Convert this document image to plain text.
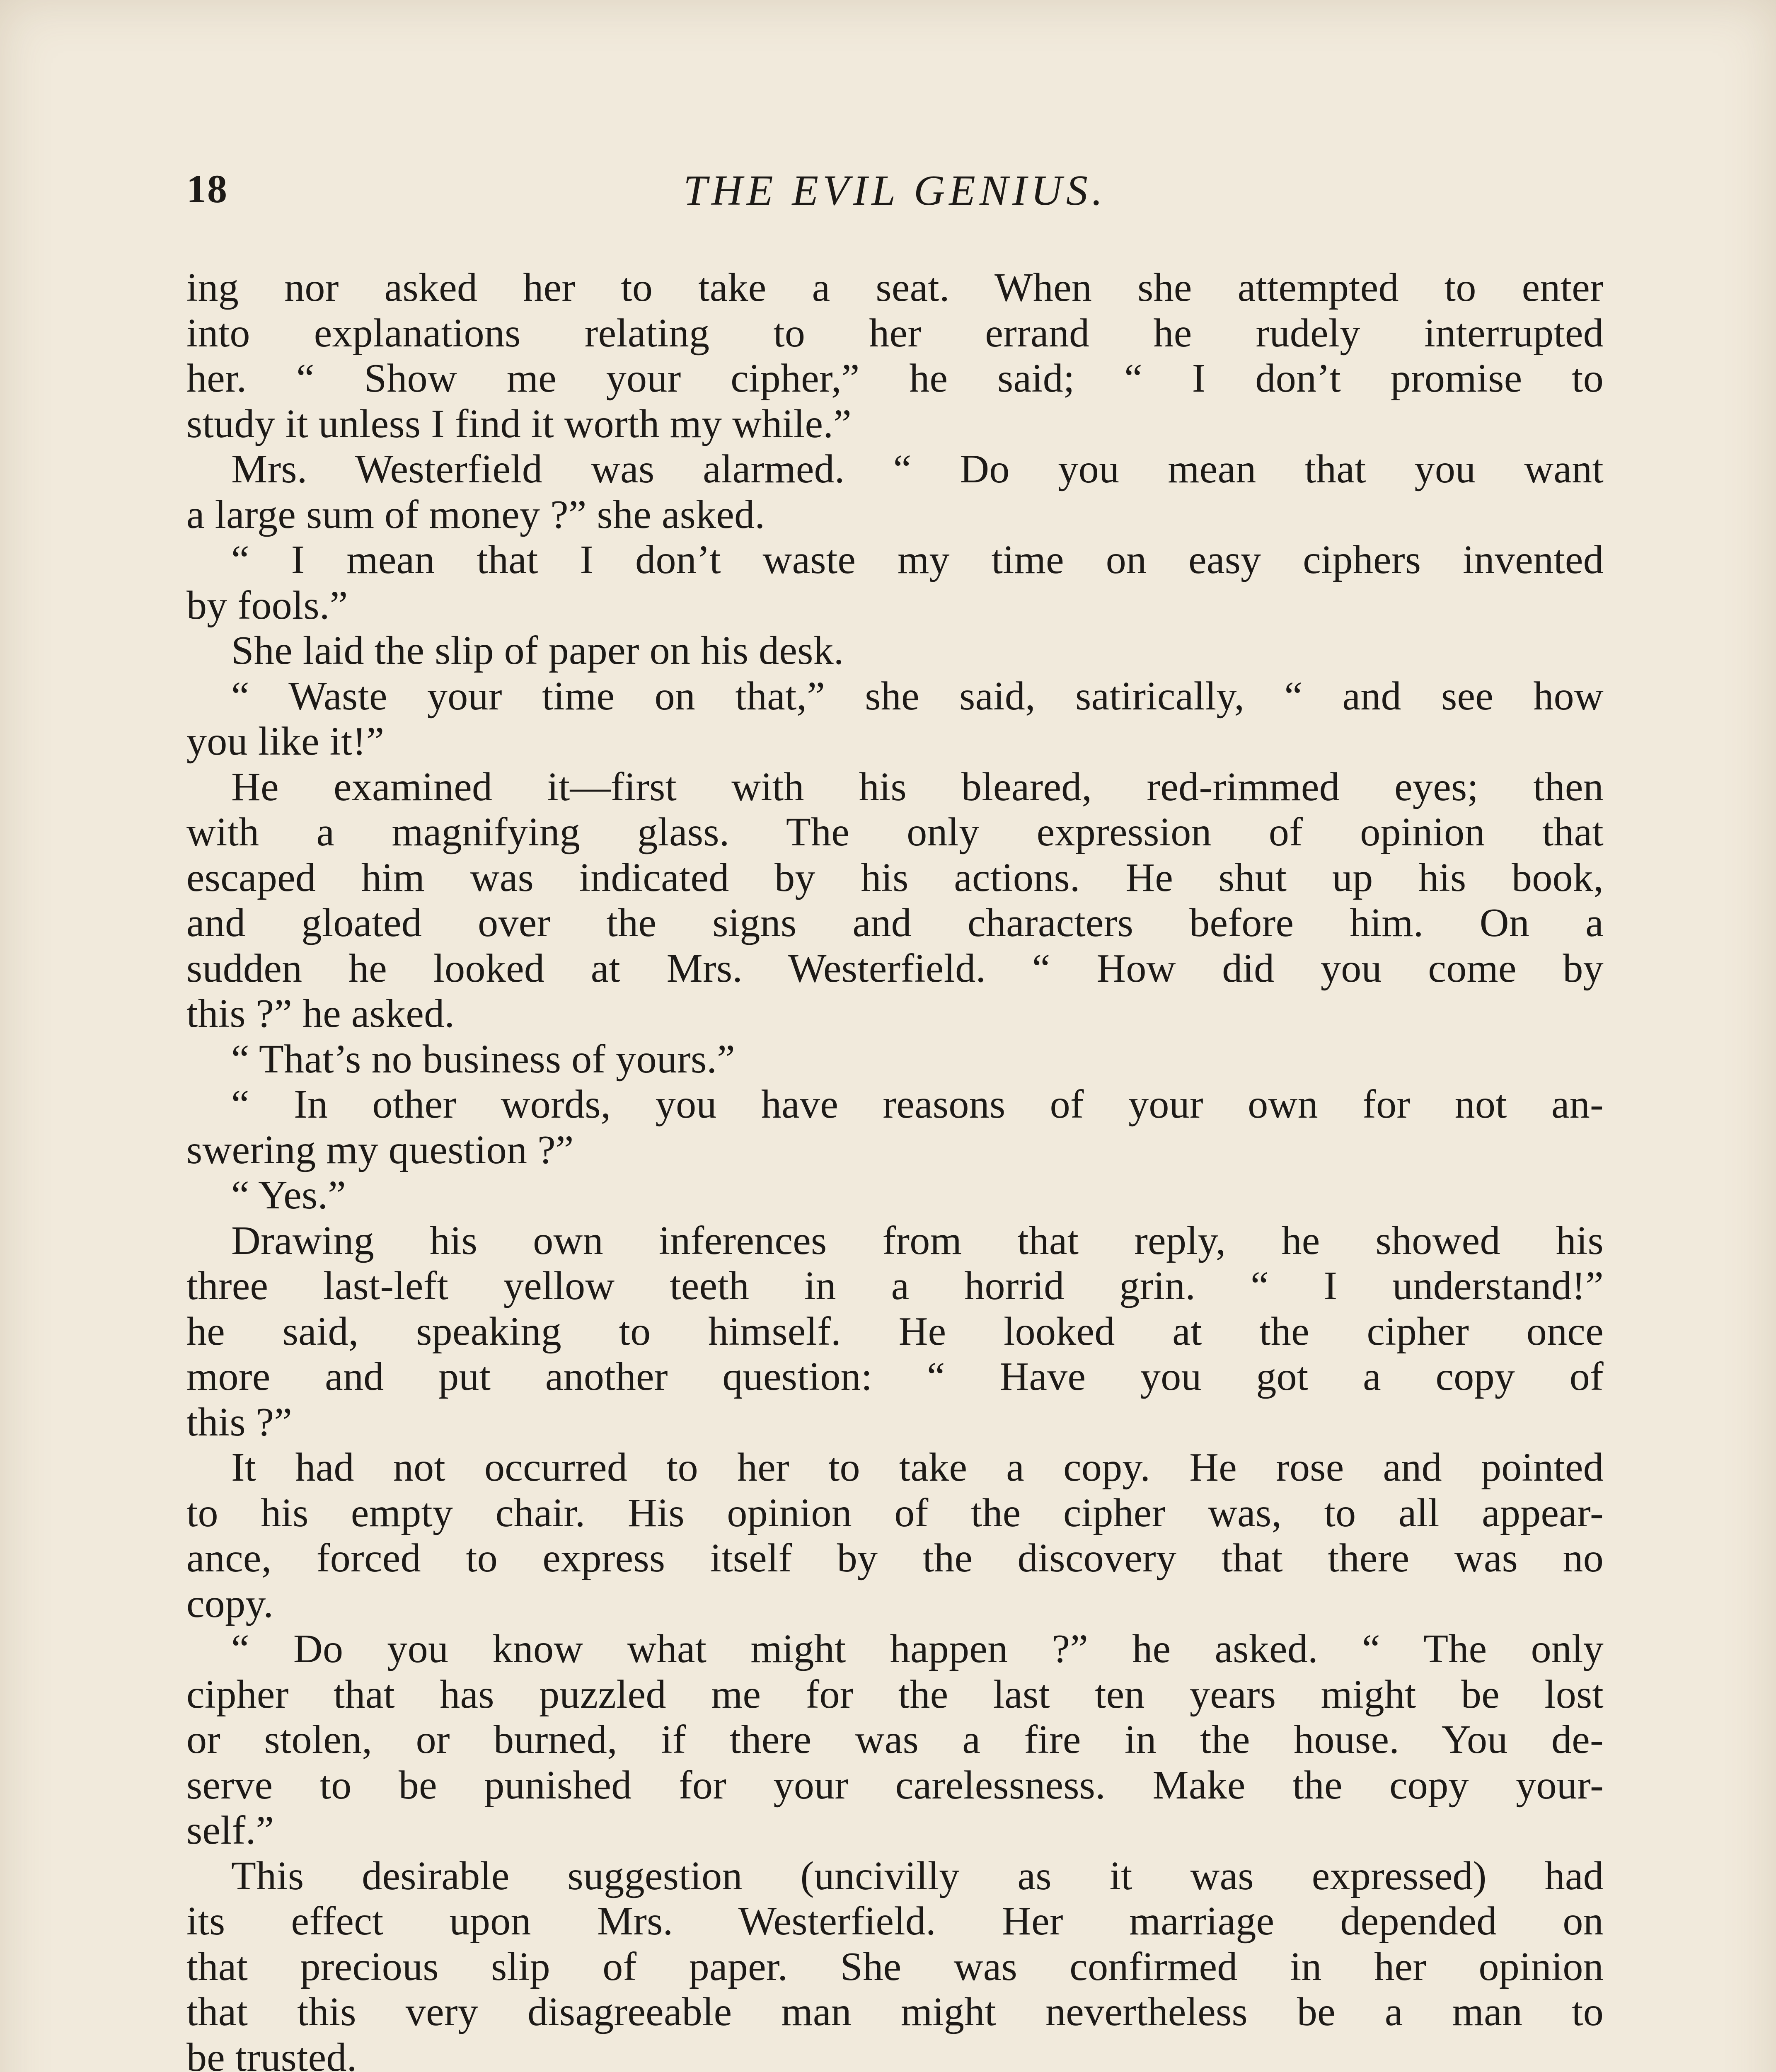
18	THE EVIL GENIUS.
ing nor asked her to take a seat. When she attempted to enter
into explanations relating to her errand he rudely interrupted
her. “ Show me your cipher,” he said; “ I don’t promise to
study it unless I find it worth my while.”
Mrs. Westerfield was alarmed. “ Do you mean that you want
a large sum of money ?” she asked.
“ I mean that I don’t waste my time on easy ciphers invented
by fools.”
She laid the slip of paper on his desk.
“ Waste your time on that,” she said, satirically, “ and see how
you like it!”
He examined it—first with his bleared, red-rimmed eyes; then
with a magnifying glass. The only expression of opinion that
escaped him was indicated by his actions. He shut up his book,
and gloated over the signs and characters before him. On a
sudden he looked at Mrs. Westerfield. “ How did you come by
this ?” he asked.
“ That’s no business of yours.”
“ In other words, you have reasons of your own for not an-
swering my question ?”
“ Yes.”
Drawing his own inferences from that reply, he showed his
three last-left yellow teeth in a horrid grin. “ I understand!”
he said, speaking to himself. He looked at the cipher once
more and put another question: “ Have you got a copy of
this ?”
It had not occurred to her to take a copy. He rose and pointed
to his empty chair. His opinion of the cipher was, to all appear-
ance, forced to express itself by the discovery that there was no
copy.
“ Do you know what might happen ?” he asked. “ The only
cipher that has puzzled me for the last ten years might be lost
or stolen, or burned, if there was a fire in the house. You de-
serve to be punished for your carelessness. Make the copy your-
self.”
This desirable suggestion (uncivilly as it was expressed) had
its effect upon Mrs. Westerfield. Her marriage depended on
that precious slip of paper. She was confirmed in her opinion
that this very disagreeable man might nevertheless be a man to
be trusted.
